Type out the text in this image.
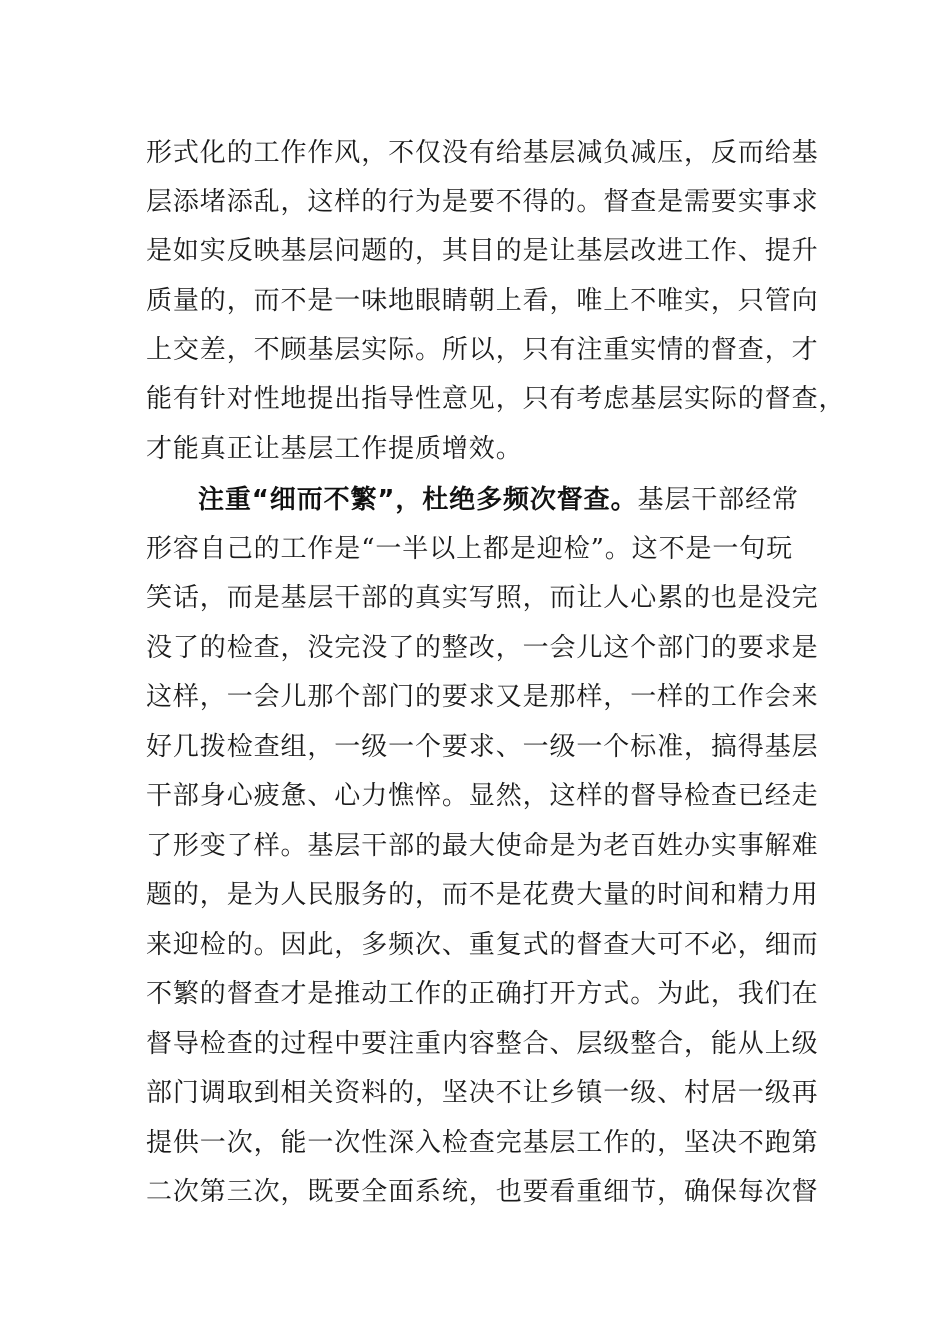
形式化的工作作风，不仅没有给基层减负减压，反而给基
层添堵添乱，这样的行为是要不得的。督查是需要实事求
是如实反映基层问题的，其目的是让基层改进工作、提升
质量的，而不是一味地眼睛朝上看，唯上不唯实，只管向
上交差，不顾基层实际。所以，只有注重实情的督查，才
能有针对性地提出指导性意见，只有考虑基层实际的督查，
才能真正让基层工作提质增效。
注重“细而不繁”，杜绝多频次督查。基层干部经常
形容自己的工作是“一半以上都是迎检”。这不是一句玩
笑话，而是基层干部的真实写照，而让人心累的也是没完
没了的检查，没完没了的整改，一会儿这个部门的要求是
这样，一会儿那个部门的要求又是那样，一样的工作会来
好几拨检查组，一级一个要求、一级一个标准，搞得基层
干部身心疲惫、心力憔悴。显然，这样的督导检查已经走
了形变了样。基层干部的最大使命是为老百姓办实事解难
题的，是为人民服务的，而不是花费大量的时间和精力用
来迎检的。因此，多频次、重复式的督查大可不必，细而
不繁的督查才是推动工作的正确打开方式。为此，我们在
督导检查的过程中要注重内容整合、层级整合，能从上级
部门调取到相关资料的，坚决不让乡镇一级、村居一级再
提供一次，能一次性深入检查完基层工作的，坚决不跑第
二次第三次，既要全面系统，也要看重细节，确保每次督
